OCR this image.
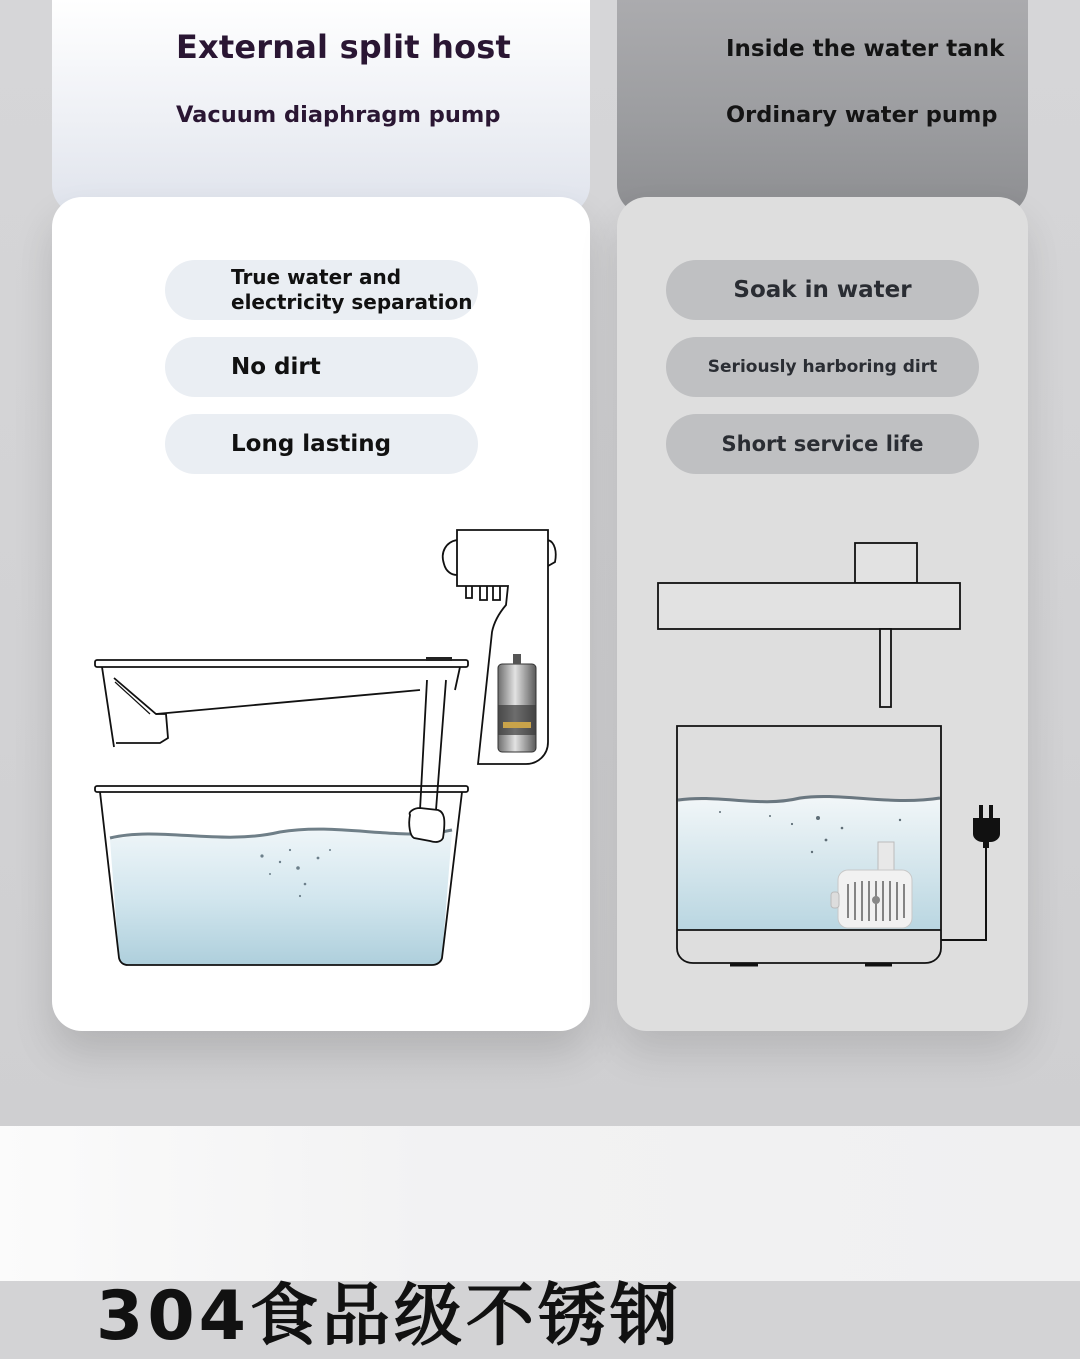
External split host
Vacuum diaphragm pump
Inside the water tank
Ordinary water pump
True water and electricity separation
No dirt
Long lasting
Soak in water
Seriously harboring dirt
Short service life
304食品级不锈钢
